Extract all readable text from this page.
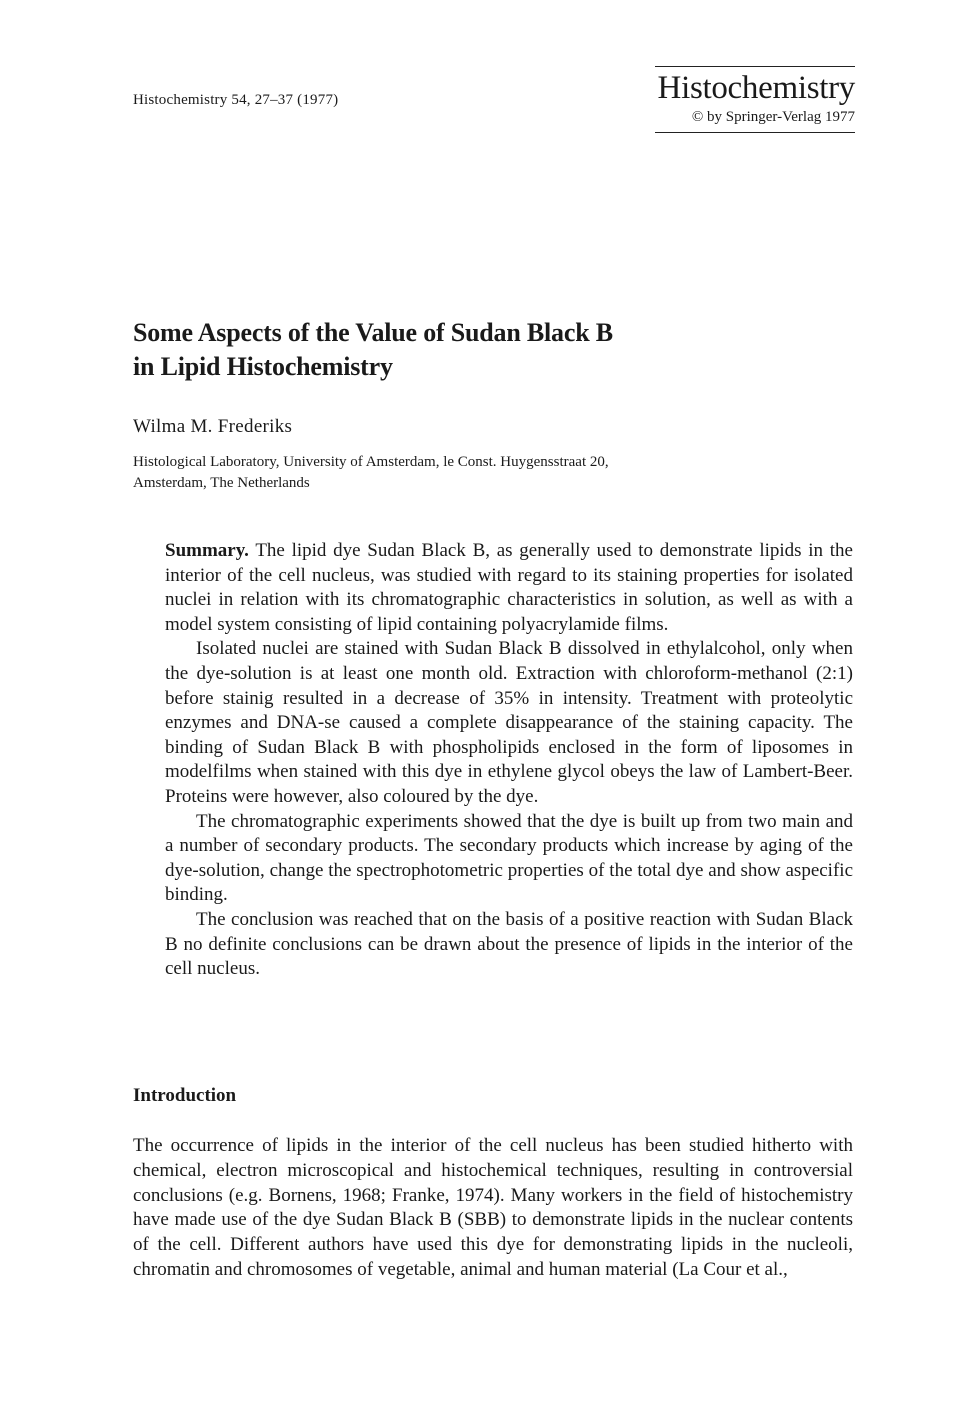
Histochemistry 54, 27–37 (1977)	Histochemistry
© by Springer-Verlag 1977
Some Aspects of the Value of Sudan Black B
in Lipid Histochemistry
Wilma M. Frederiks
Histological Laboratory, University of Amsterdam, le Const. Huygensstraat 20,
Amsterdam, The Netherlands

Summary. The lipid dye Sudan Black B, as generally used to demonstrate lipids in the interior of the cell nucleus, was studied with regard to its staining properties for isolated nuclei in relation with its chromatographic characteristics in solution, as well as with a model system consisting of lipid containing polyacrylamide films.

Isolated nuclei are stained with Sudan Black B dissolved in ethylalcohol, only when the dye-solution is at least one month old. Extraction with chloroform-methanol (2:1) before stainig resulted in a decrease of 35% in intensity. Treatment with proteolytic enzymes and DNA-se caused a complete disappearance of the staining capacity. The binding of Sudan Black B with phospholipids enclosed in the form of liposomes in modelfilms when stained with this dye in ethylene glycol obeys the law of Lambert-Beer. Proteins were however, also coloured by the dye.

The chromatographic experiments showed that the dye is built up from two main and a number of secondary products. The secondary products which increase by aging of the dye-solution, change the spectrophotometric properties of the total dye and show aspecific binding.

The conclusion was reached that on the basis of a positive reaction with Sudan Black B no definite conclusions can be drawn about the presence of lipids in the interior of the cell nucleus.

Introduction

The occurrence of lipids in the interior of the cell nucleus has been studied hitherto with chemical, electron microscopical and histochemical techniques, resulting in controversial conclusions (e.g. Bornens, 1968; Franke, 1974). Many workers in the field of histochemistry have made use of the dye Sudan Black B (SBB) to demonstrate lipids in the nuclear contents of the cell. Different authors have used this dye for demonstrating lipids in the nucleoli, chromatin and chromosomes of vegetable, animal and human material (La Cour et al.,
